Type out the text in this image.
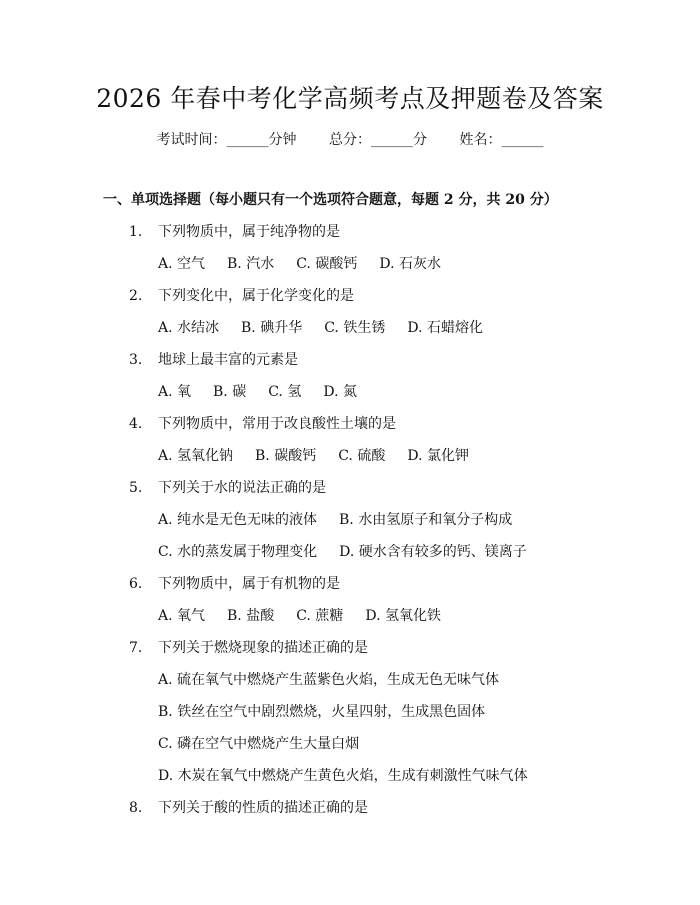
2026 年春中考化学高频考点及押题卷及答案
考试时间：______分钟 总分：______分 姓名：______
一、单项选择题（每小题只有一个选项符合题意，每题 2 分，共 20 分）
1. 下列物质中，属于纯净物的是
A. 空气 B. 汽水 C. 碳酸钙 D. 石灰水
2. 下列变化中，属于化学变化的是
A. 水结冰 B. 碘升华 C. 铁生锈 D. 石蜡熔化
3. 地球上最丰富的元素是
A. 氧 B. 碳 C. 氢 D. 氮
4. 下列物质中，常用于改良酸性土壤的是
A. 氢氧化钠 B. 碳酸钙 C. 硫酸 D. 氯化钾
5. 下列关于水的说法正确的是
A. 纯水是无色无味的液体 B. 水由氢原子和氧分子构成
C. 水的蒸发属于物理变化 D. 硬水含有较多的钙、镁离子
6. 下列物质中，属于有机物的是
A. 氧气 B. 盐酸 C. 蔗糖 D. 氢氧化铁
7. 下列关于燃烧现象的描述正确的是
A. 硫在氧气中燃烧产生蓝紫色火焰，生成无色无味气体
B. 铁丝在空气中剧烈燃烧，火星四射，生成黑色固体
C. 磷在空气中燃烧产生大量白烟
D. 木炭在氧气中燃烧产生黄色火焰，生成有刺激性气味气体
8. 下列关于酸的性质的描述正确的是
